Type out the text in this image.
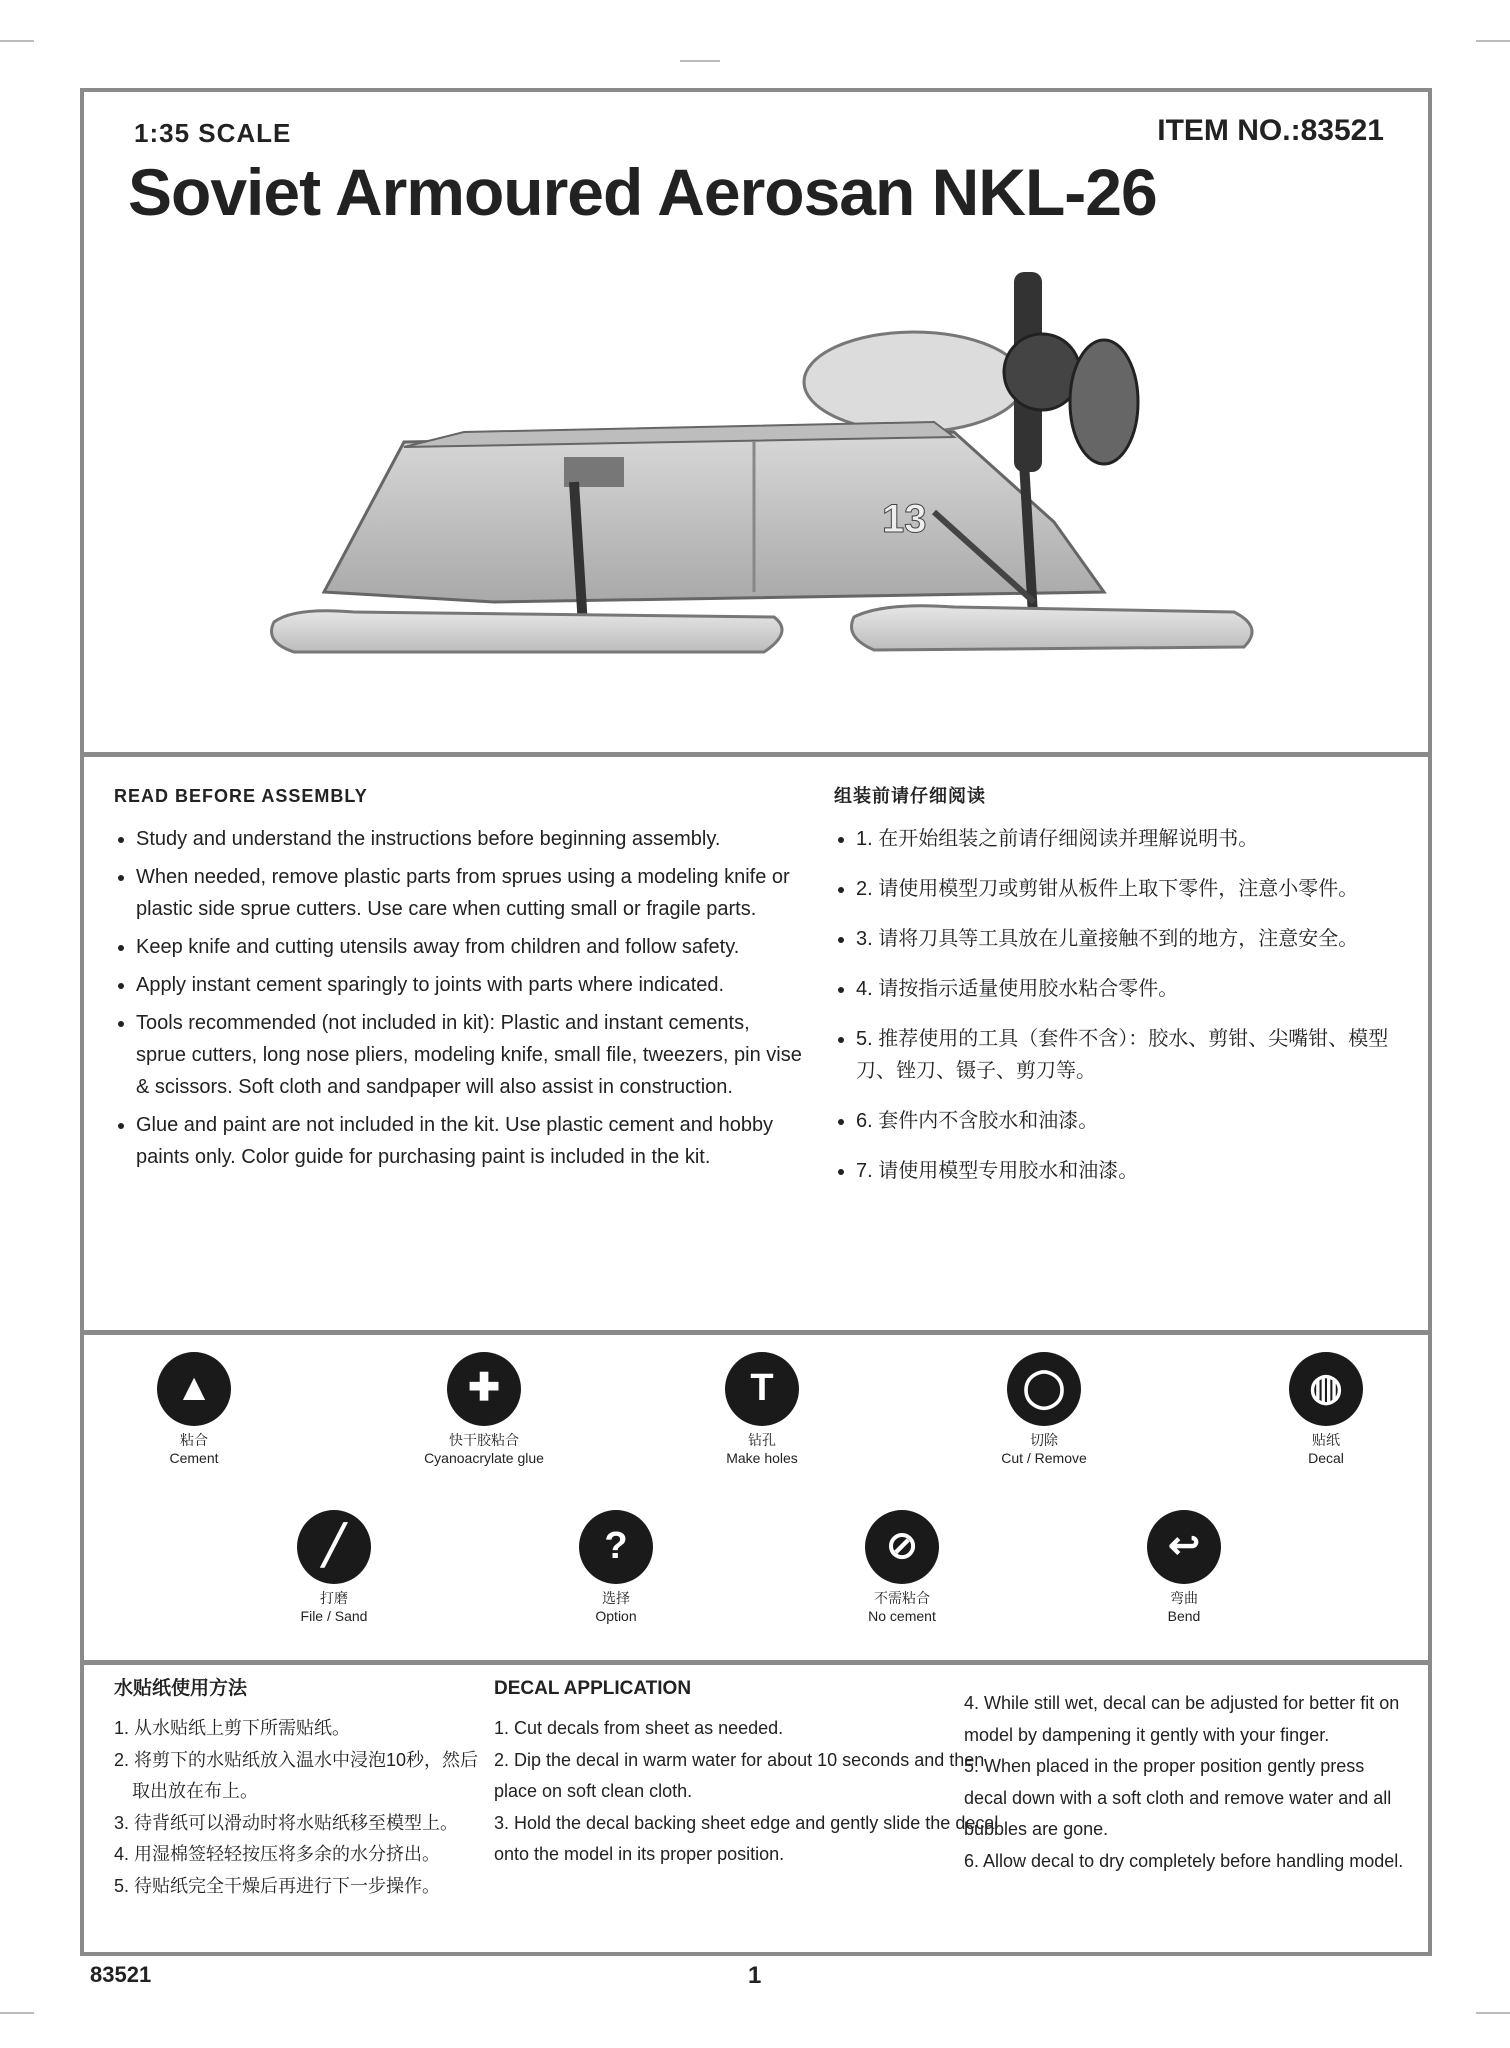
1:35 SCALE	ITEM NO.:83521
Soviet Armoured Aerosan NKL-26
13
READ BEFORE ASSEMBLY
• Study and understand the instructions before beginning assembly.
• When needed, remove plastic parts from sprues using a modeling knife or plastic side sprue cutters. Use care when cutting small or fragile parts.
• Keep knife and cutting utensils away from children and follow safety.
• Apply instant cement sparingly to joints with parts where indicated.
• Tools recommended (not included in kit): Plastic and instant cements, sprue cutters, long nose pliers, modeling knife, small file, tweezers, pin vise & scissors. Soft cloth and sandpaper will also assist in construction.
• Glue and paint are not included in the kit. Use plastic cement and hobby paints only. Color guide for purchasing paint is included in the kit.
组装前请仔细阅读
• 1. 在开始组装之前请仔细阅读并理解说明书。
• 2. 请使用模型刀或剪钳从板件上取下零件，注意小零件。
• 3. 请将刀具等工具放在儿童接触不到的地方，注意安全。
• 4. 请按指示适量使用胶水粘合零件。
• 5. 推荐使用的工具（套件不含）：胶水、剪钳、尖嘴钳、模型刀、锉刀、镊子、剪刀等。
• 6. 套件内不含胶水和油漆。
• 7. 请使用模型专用胶水和油漆。
▲
粘合
Cement
✚
快干胶粘合
Cyanoacrylate glue
T
钻孔
Make holes
◯
切除
Cut / Remove
◍
贴纸
Decal
╱
打磨
File / Sand
?
选择
Option
⊘
不需粘合
No cement
↩
弯曲
Bend
水贴纸使用方法
1. 从水贴纸上剪下所需贴纸。
2. 将剪下的水贴纸放入温水中浸泡10秒，然后
取出放在布上。
3. 待背纸可以滑动时将水贴纸移至模型上。
4. 用湿棉签轻轻按压将多余的水分挤出。
5. 待贴纸完全干燥后再进行下一步操作。
DECAL APPLICATION
1. Cut decals from sheet as needed.
2. Dip the decal in warm water for about 10 seconds and then place on soft clean cloth.
3. Hold the decal backing sheet edge and gently slide the decal onto the model in its proper position.
4. While still wet, decal can be adjusted for better fit on model by dampening it gently with your finger.
5. When placed in the proper position gently press decal down with a soft cloth and remove water and all bubbles are gone.
6. Allow decal to dry completely before handling model.
83521	1
